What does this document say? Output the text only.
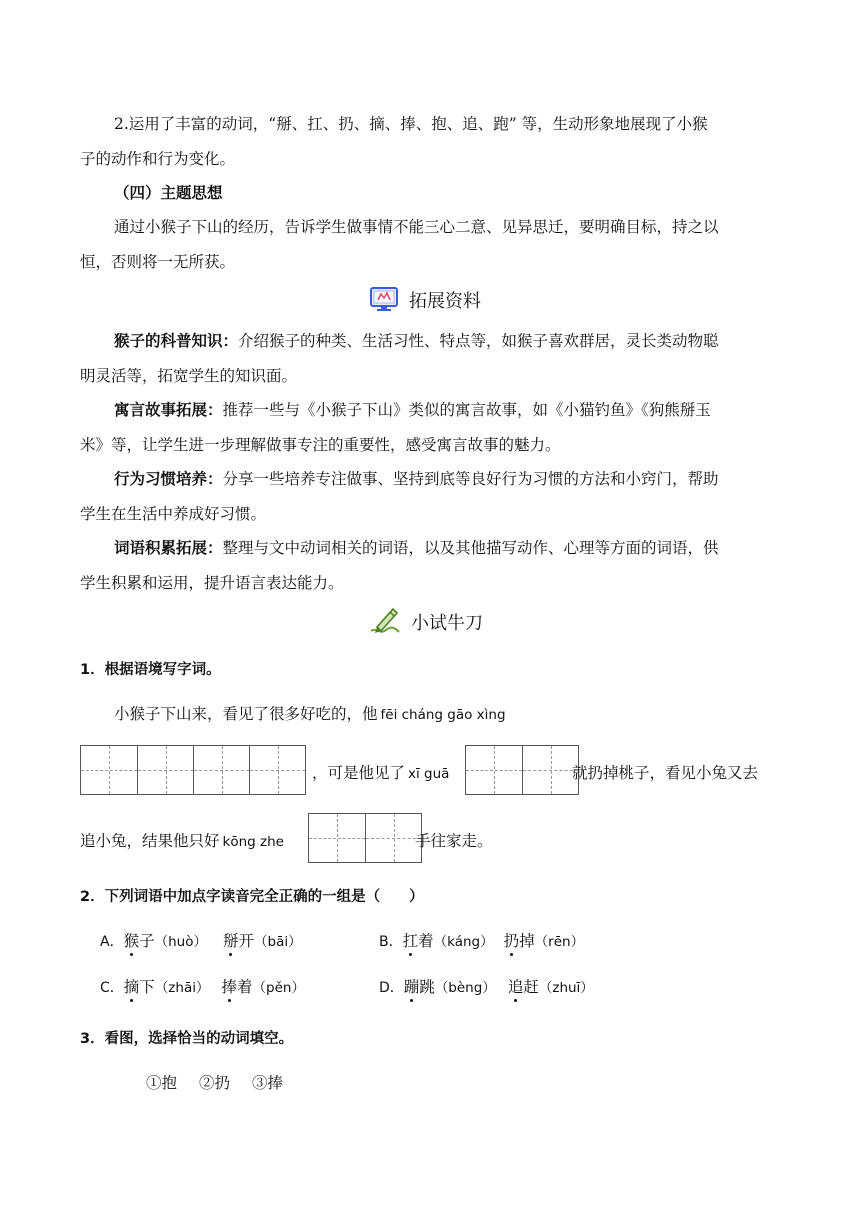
2.运用了丰富的动词，“掰、扛、扔、摘、捧、抱、追、跑” 等，生动形象地展现了小猴
子的动作和行为变化。
（四）主题思想
通过小猴子下山的经历，告诉学生做事情不能三心二意、见异思迁，要明确目标，持之以
恒，否则将一无所获。
拓展资料
猴子的科普知识：介绍猴子的种类、生活习性、特点等，如猴子喜欢群居，灵长类动物聪
明灵活等，拓宽学生的知识面。
寓言故事拓展：推荐一些与《小猴子下山》类似的寓言故事，如《小猫钓鱼》《狗熊掰玉
米》等，让学生进一步理解做事专注的重要性，感受寓言故事的魅力。
行为习惯培养：分享一些培养专注做事、坚持到底等良好行为习惯的方法和小窍门，帮助
学生在生活中养成好习惯。
词语积累拓展：整理与文中动词相关的词语，以及其他描写动作、心理等方面的词语，供
学生积累和运用，提升语言表达能力。
小试牛刀
1．根据语境写字词。
小猴子下山来，看见了很多好吃的，他 fēi cháng gāo xìng
，可是他见了 xī guā	就扔掉桃子，看见小兔又去
追小兔，结果他只好 kōng zhe	手往家走。
2．下列词语中加点字读音完全正确的一组是（　　）
A．猴子（huò） 掰开（bāi）	B．扛着（káng） 扔掉（rēn）
C．摘下（zhāi） 捧着（pěn）	D．蹦跳（bèng） 追赶（zhuī）
3．看图，选择恰当的动词填空。
①抱 ②扔 ③捧
